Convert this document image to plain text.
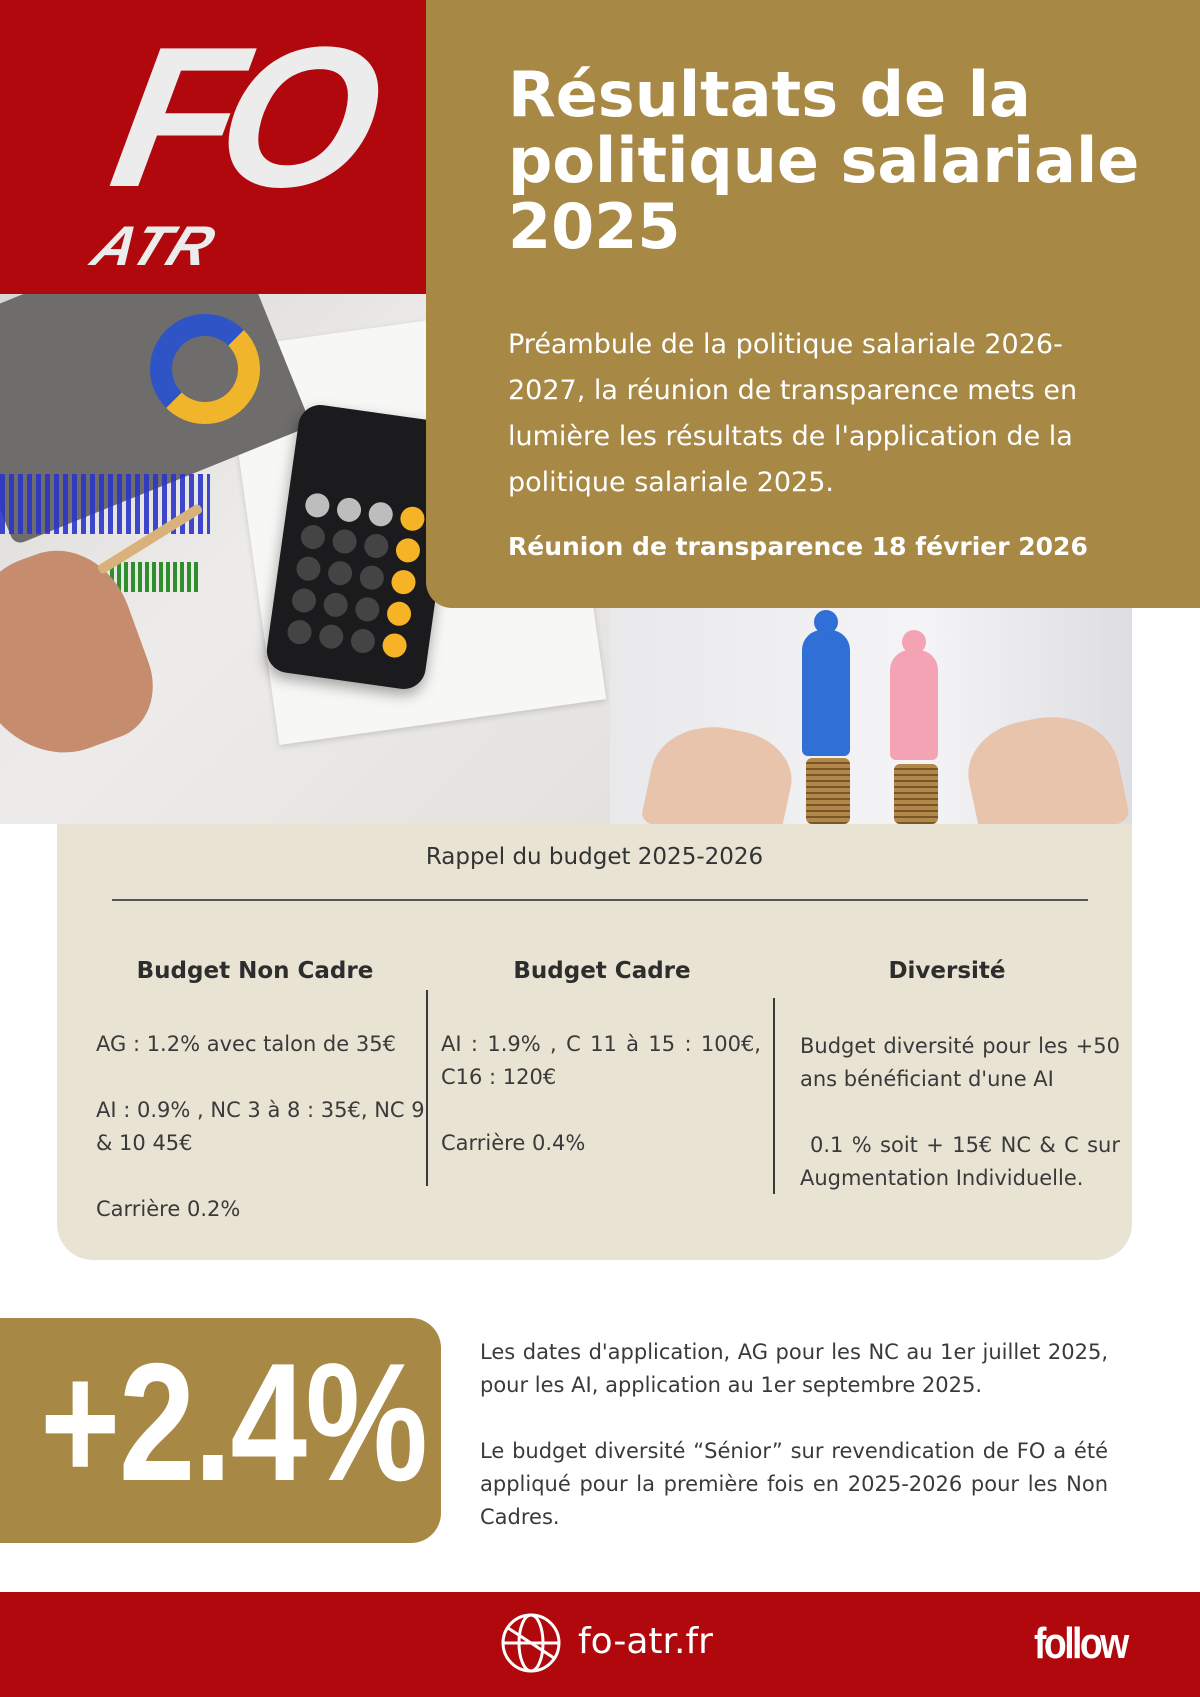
FO
ATR
Résultats de la
politique salariale
2025

Préambule de la politique salariale 2026-2027, la réunion de transparence mets en lumière les résultats de l'application de la politique salariale 2025.

Réunion de transparence 18 février 2026

Rappel du budget 2025-2026
Budget Non Cadre

AG : 1.2% avec talon de 35€

AI : 0.9% , NC 3 à 8 : 35€, NC 9 & 10 45€

Carrière 0.2%

Budget Cadre

AI : 1.9% , C 11 à 15 : 100€, C16 : 120€

Carrière 0.4%

Diversité

Budget diversité pour les +50 ans bénéficiant d'une AI

0.1 % soit + 15€ NC & C sur Augmentation Individuelle.

+2.4%	Les dates d'application, AG pour les NC au 1er juillet 2025, pour les AI, application au 1er septembre 2025.

Le budget diversité “Sénior” sur revendication de FO a été appliqué pour la première fois en 2025-2026 pour les Non Cadres.

fo-atr.fr	follow
